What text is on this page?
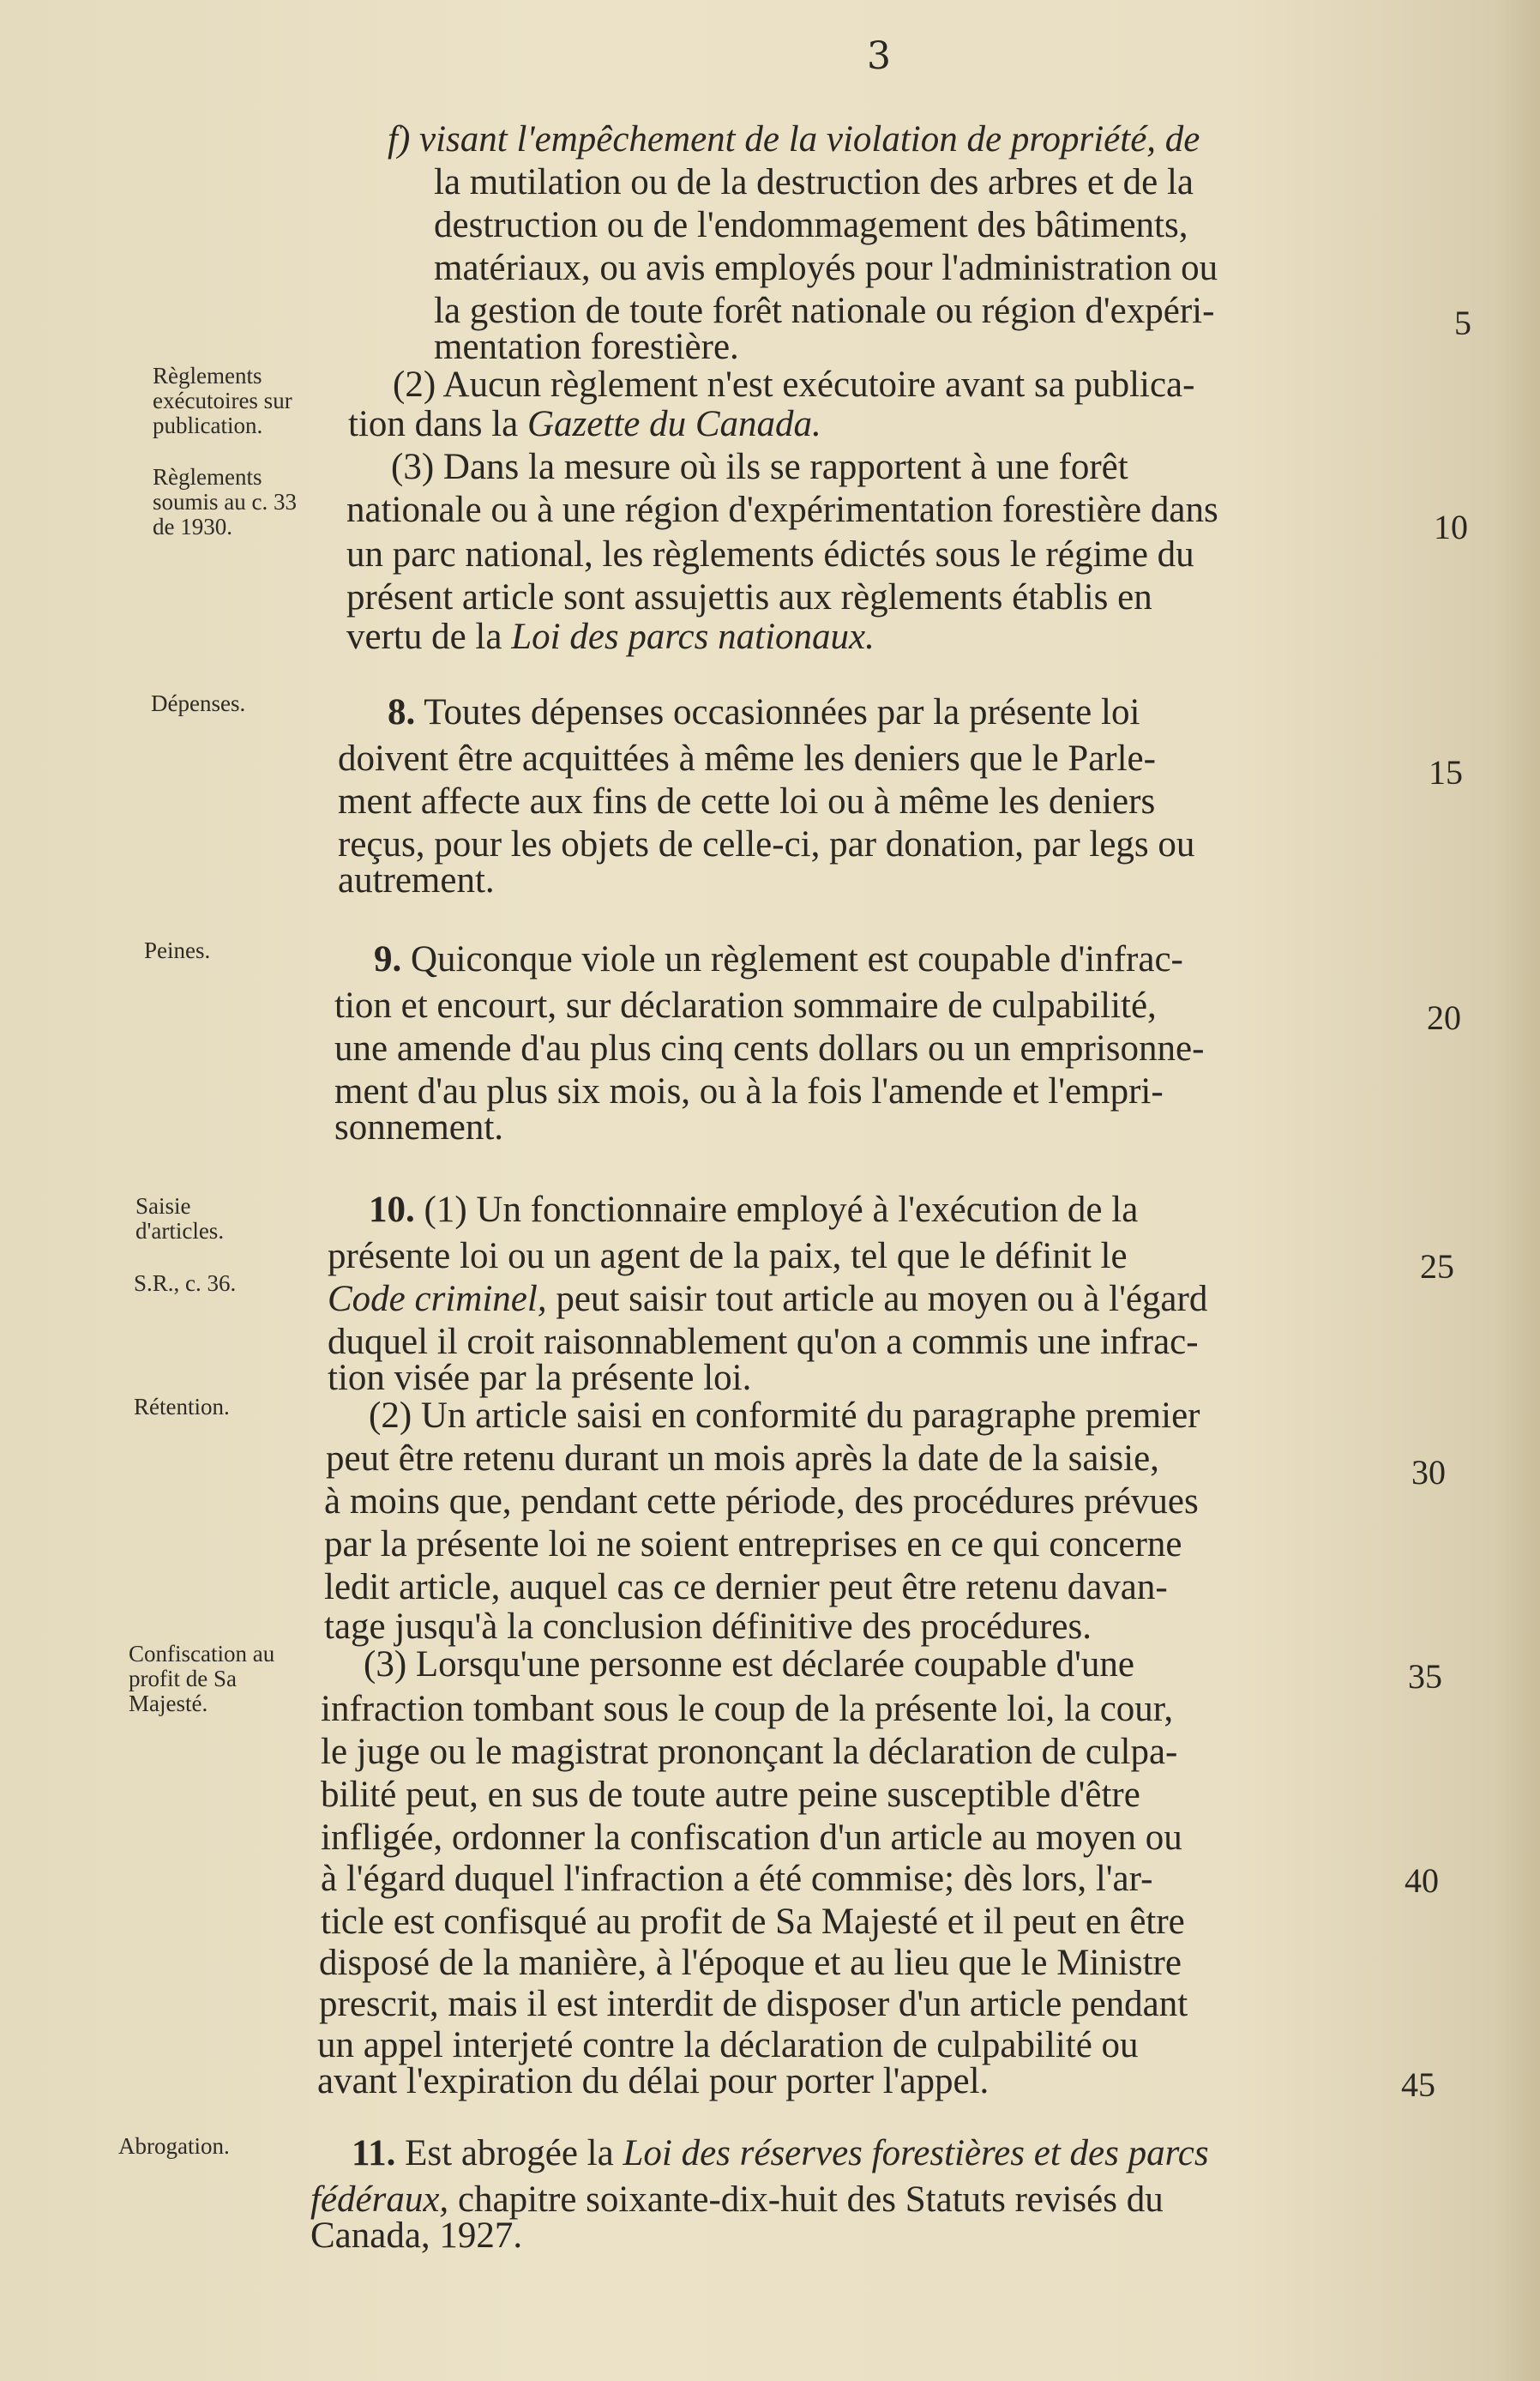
3
Règlements exécutoires sur publication.
Règlements soumis au c. 33 de 1930.
Dépenses.
Peines.
Saisie d'articles.
S.R., c. 36.
Rétention.
Confiscation au profit de Sa Majesté.
Abrogation.
f) visant l'empêchement de la violation de propriété, de
la mutilation ou de la destruction des arbres et de la
destruction ou de l'endommagement des bâtiments,
matériaux, ou avis employés pour l'administration ou
la gestion de toute forêt nationale ou région d'expéri-
mentation forestière.
(2) Aucun règlement n'est exécutoire avant sa publica-
tion dans la Gazette du Canada.
(3) Dans la mesure où ils se rapportent à une forêt
nationale ou à une région d'expérimentation forestière dans
un parc national, les règlements édictés sous le régime du
présent article sont assujettis aux règlements établis en
vertu de la Loi des parcs nationaux.
8. Toutes dépenses occasionnées par la présente loi
doivent être acquittées à même les deniers que le Parle-
ment affecte aux fins de cette loi ou à même les deniers
reçus, pour les objets de celle-ci, par donation, par legs ou
autrement.
9. Quiconque viole un règlement est coupable d'infrac-
tion et encourt, sur déclaration sommaire de culpabilité,
une amende d'au plus cinq cents dollars ou un emprisonne-
ment d'au plus six mois, ou à la fois l'amende et l'empri-
sonnement.
10. (1) Un fonctionnaire employé à l'exécution de la
présente loi ou un agent de la paix, tel que le définit le
Code criminel, peut saisir tout article au moyen ou à l'égard
duquel il croit raisonnablement qu'on a commis une infrac-
tion visée par la présente loi.
(2) Un article saisi en conformité du paragraphe premier
peut être retenu durant un mois après la date de la saisie,
à moins que, pendant cette période, des procédures prévues
par la présente loi ne soient entreprises en ce qui concerne
ledit article, auquel cas ce dernier peut être retenu davan-
tage jusqu'à la conclusion définitive des procédures.
(3) Lorsqu'une personne est déclarée coupable d'une
infraction tombant sous le coup de la présente loi, la cour,
le juge ou le magistrat prononçant la déclaration de culpa-
bilité peut, en sus de toute autre peine susceptible d'être
infligée, ordonner la confiscation d'un article au moyen ou
à l'égard duquel l'infraction a été commise; dès lors, l'ar-
ticle est confisqué au profit de Sa Majesté et il peut en être
disposé de la manière, à l'époque et au lieu que le Ministre
prescrit, mais il est interdit de disposer d'un article pendant
un appel interjeté contre la déclaration de culpabilité ou
avant l'expiration du délai pour porter l'appel.
11. Est abrogée la Loi des réserves forestières et des parcs
fédéraux, chapitre soixante-dix-huit des Statuts revisés du
Canada, 1927.
5
10
15
20
25
30
35
40
45
